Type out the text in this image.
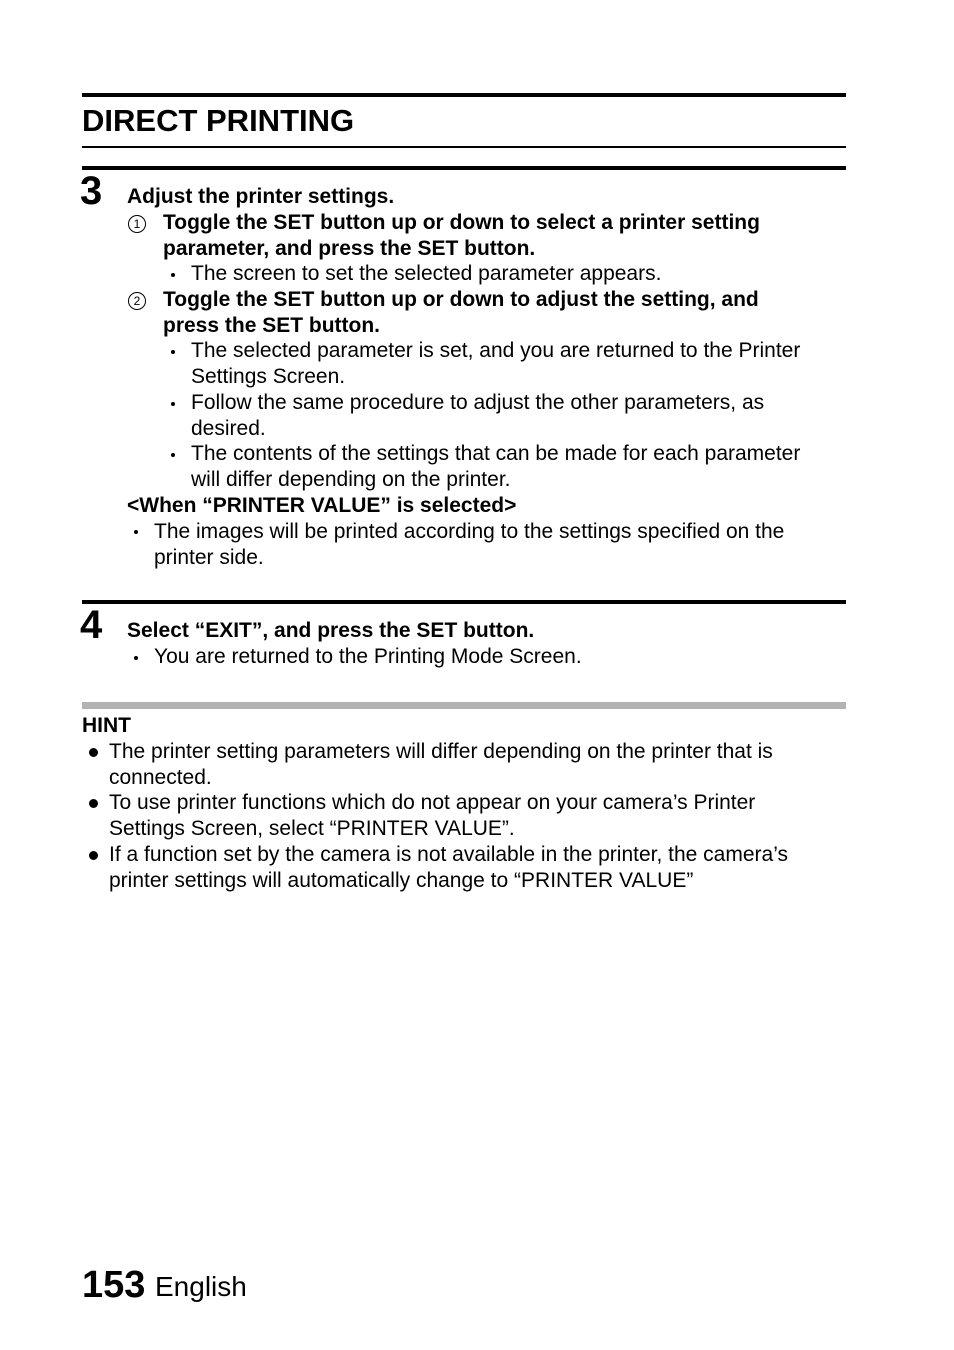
DIRECT PRINTING
3 Adjust the printer settings.
1 Toggle the SET button up or down to select a printer setting
parameter, and press the SET button.
The screen to set the selected parameter appears.
2 Toggle the SET button up or down to adjust the setting, and
press the SET button.
The selected parameter is set, and you are returned to the Printer
Settings Screen.
Follow the same procedure to adjust the other parameters, as
desired.
The contents of the settings that can be made for each parameter
will differ depending on the printer.
<When “PRINTER VALUE” is selected>
The images will be printed according to the settings specified on the
printer side.
4 Select “EXIT”, and press the SET button.
You are returned to the Printing Mode Screen.
HINT
The printer setting parameters will differ depending on the printer that is
connected.
To use printer functions which do not appear on your camera’s Printer
Settings Screen, select “PRINTER VALUE”.
If a function set by the camera is not available in the printer, the camera’s
printer settings will automatically change to “PRINTER VALUE”
153 English
